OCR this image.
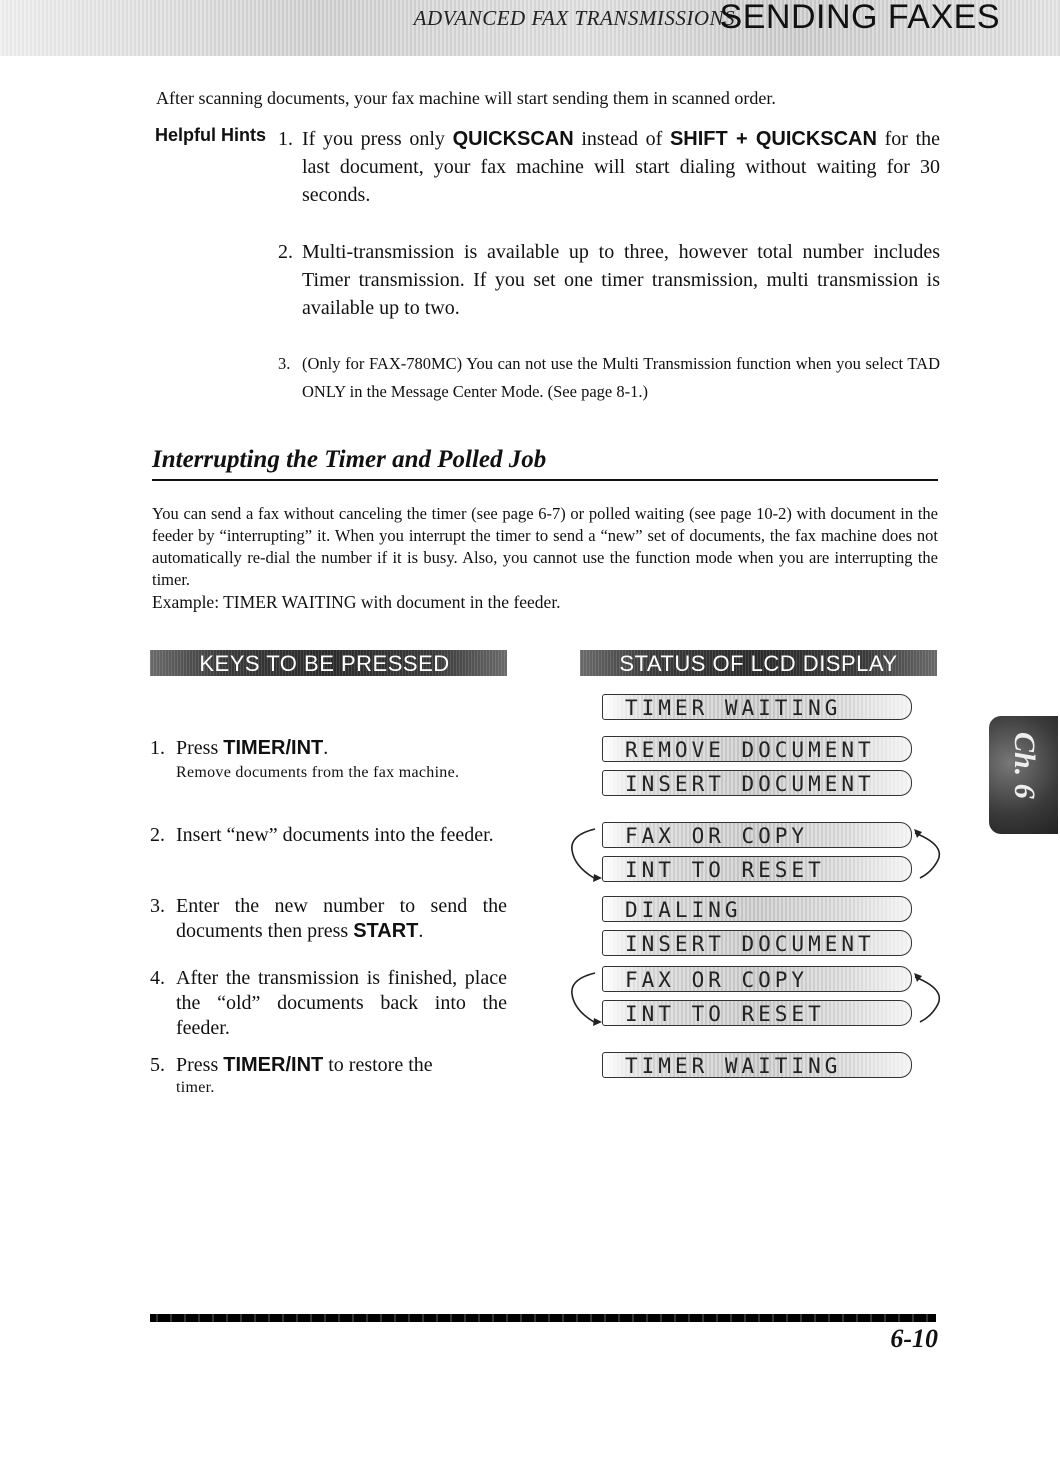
ADVANCED FAX TRANSMISSIONS
SENDING FAXES
After scanning documents, your fax machine will start sending them in scanned order.
Helpful Hints 1. If you press only QUICKSCAN instead of SHIFT + QUICKSCAN for the last document, your fax machine will start dialing without waiting for 30 seconds.
2. Multi-transmission is available up to three, however total number includes Timer transmission. If you set one timer transmission, multi transmission is available up to two.
3. (Only for FAX-780MC) You can not use the Multi Transmission function when you select TAD ONLY in the Message Center Mode. (See page 8-1.)
Interrupting the Timer and Polled Job
You can send a fax without canceling the timer (see page 6-7) or polled waiting (see page 10-2) with document in the feeder by “interrupting” it. When you interrupt the timer to send a “new” set of documents, the fax machine does not automatically re-dial the number if it is busy. Also, you cannot use the function mode when you are interrupting the timer.
Example: TIMER WAITING with document in the feeder.
KEYS TO BE PRESSED	STATUS OF LCD DISPLAY
1. Press TIMER/INT.
Remove documents from the fax machine.
2. Insert “new” documents into the feeder.
3. Enter the new number to send the documents then press START.
4. After the transmission is finished, place the “old” documents back into the feeder.
5. Press TIMER/INT to restore the
timer.
TIMER WAITING
REMOVE DOCUMENT
INSERT DOCUMENT
FAX OR COPY
INT TO RESET
DIALING
INSERT DOCUMENT
FAX OR COPY
INT TO RESET
TIMER WAITING
Ch. 6
6-10
